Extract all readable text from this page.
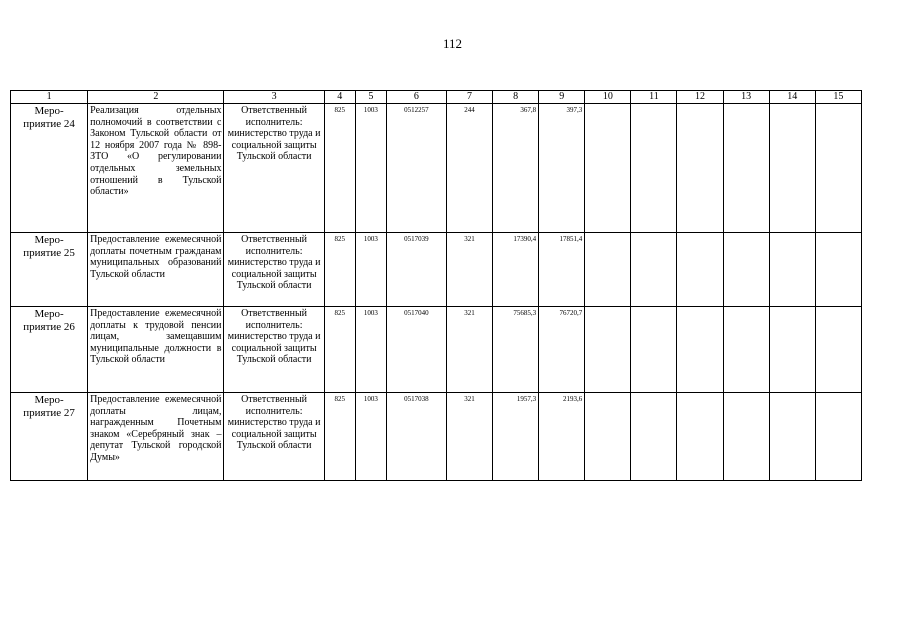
112
1	2	3	4	5	6	7	8	9	10	11	12	13	14	15
Меро-
приятие 24	Реализация отдельных полномочий в соответствии с Законом Тульской области от 12 ноября 2007 года № 898-ЗТО «О регулировании отдельных земельных отношений в Тульской области»	Ответственный исполнитель: министерство труда и социальной защиты Тульской области	825	1003	0512257	244	367,8	397,3						
Меро-
приятие 25	Предоставление ежемесячной доплаты почетным гражданам муниципальных образований Тульской области	Ответственный исполнитель: министерство труда и социальной защиты Тульской области	825	1003	0517039	321	17390,4	17851,4						
Меро-
приятие 26	Предоставление ежемесячной доплаты к трудовой пенсии лицам, замещавшим муниципальные должности в Тульской области	Ответственный исполнитель: министерство труда и социальной защиты Тульской области	825	1003	0517040	321	75685,3	76720,7						
Меро-
приятие 27	Предоставление ежемесячной доплаты лицам, награжденным Почетным знаком «Серебряный знак – депутат Тульской городской Думы»	Ответственный исполнитель: министерство труда и социальной защиты Тульской области	825	1003	0517038	321	1957,3	2193,6						
